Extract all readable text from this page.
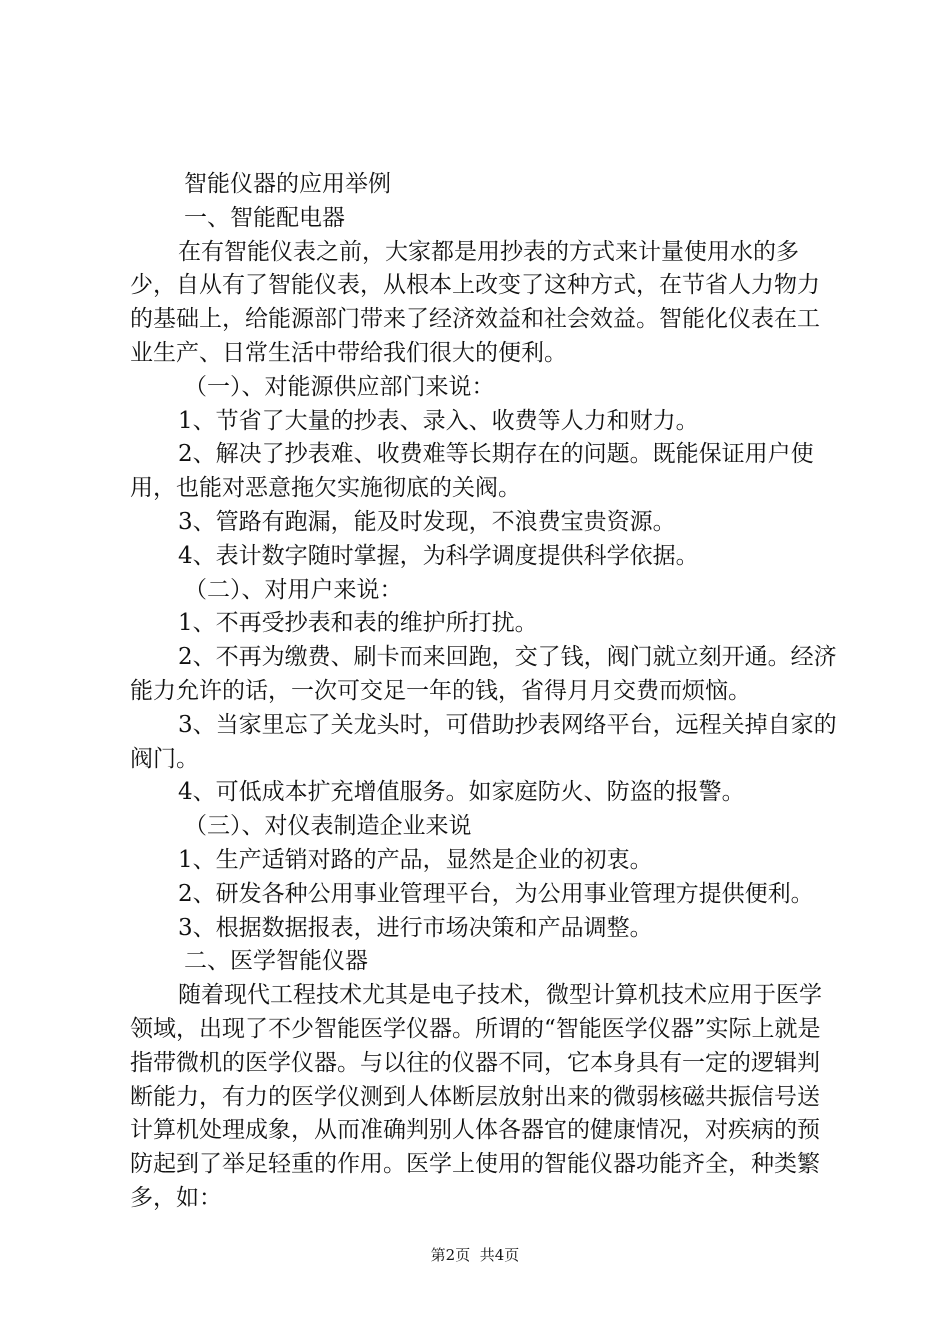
智能仪器的应用举例

一、智能配电器

在有智能仪表之前，大家都是用抄表的方式来计量使用水的多少，自从有了智能仪表，从根本上改变了这种方式，在节省人力物力的基础上，给能源部门带来了经济效益和社会效益。智能化仪表在工业生产、日常生活中带给我们很大的便利。

（一）、对能源供应部门来说：

1、节省了大量的抄表、录入、收费等人力和财力。

2、解决了抄表难、收费难等长期存在的问题。既能保证用户使用，也能对恶意拖欠实施彻底的关阀。

3、管路有跑漏，能及时发现，不浪费宝贵资源。

4、表计数字随时掌握，为科学调度提供科学依据。

（二）、对用户来说：

1、不再受抄表和表的维护所打扰。

2、不再为缴费、刷卡而来回跑，交了钱，阀门就立刻开通。经济能力允许的话，一次可交足一年的钱，省得月月交费而烦恼。

3、当家里忘了关龙头时，可借助抄表网络平台，远程关掉自家的阀门。

4、可低成本扩充增值服务。如家庭防火、防盗的报警。

（三）、对仪表制造企业来说

1、生产适销对路的产品，显然是企业的初衷。

2、研发各种公用事业管理平台，为公用事业管理方提供便利。

3、根据数据报表，进行市场决策和产品调整。

二、医学智能仪器

随着现代工程技术尤其是电子技术，微型计算机技术应用于医学领域，出现了不少智能医学仪器。所谓的“智能医学仪器”实际上就是指带微机的医学仪器。与以往的仪器不同，它本身具有一定的逻辑判断能力，有力的医学仪测到人体断层放射出来的微弱核磁共振信号送计算机处理成象，从而准确判别人体各器官的健康情况，对疾病的预防起到了举足轻重的作用。医学上使用的智能仪器功能齐全，种类繁多，如：

第2页 共4页
